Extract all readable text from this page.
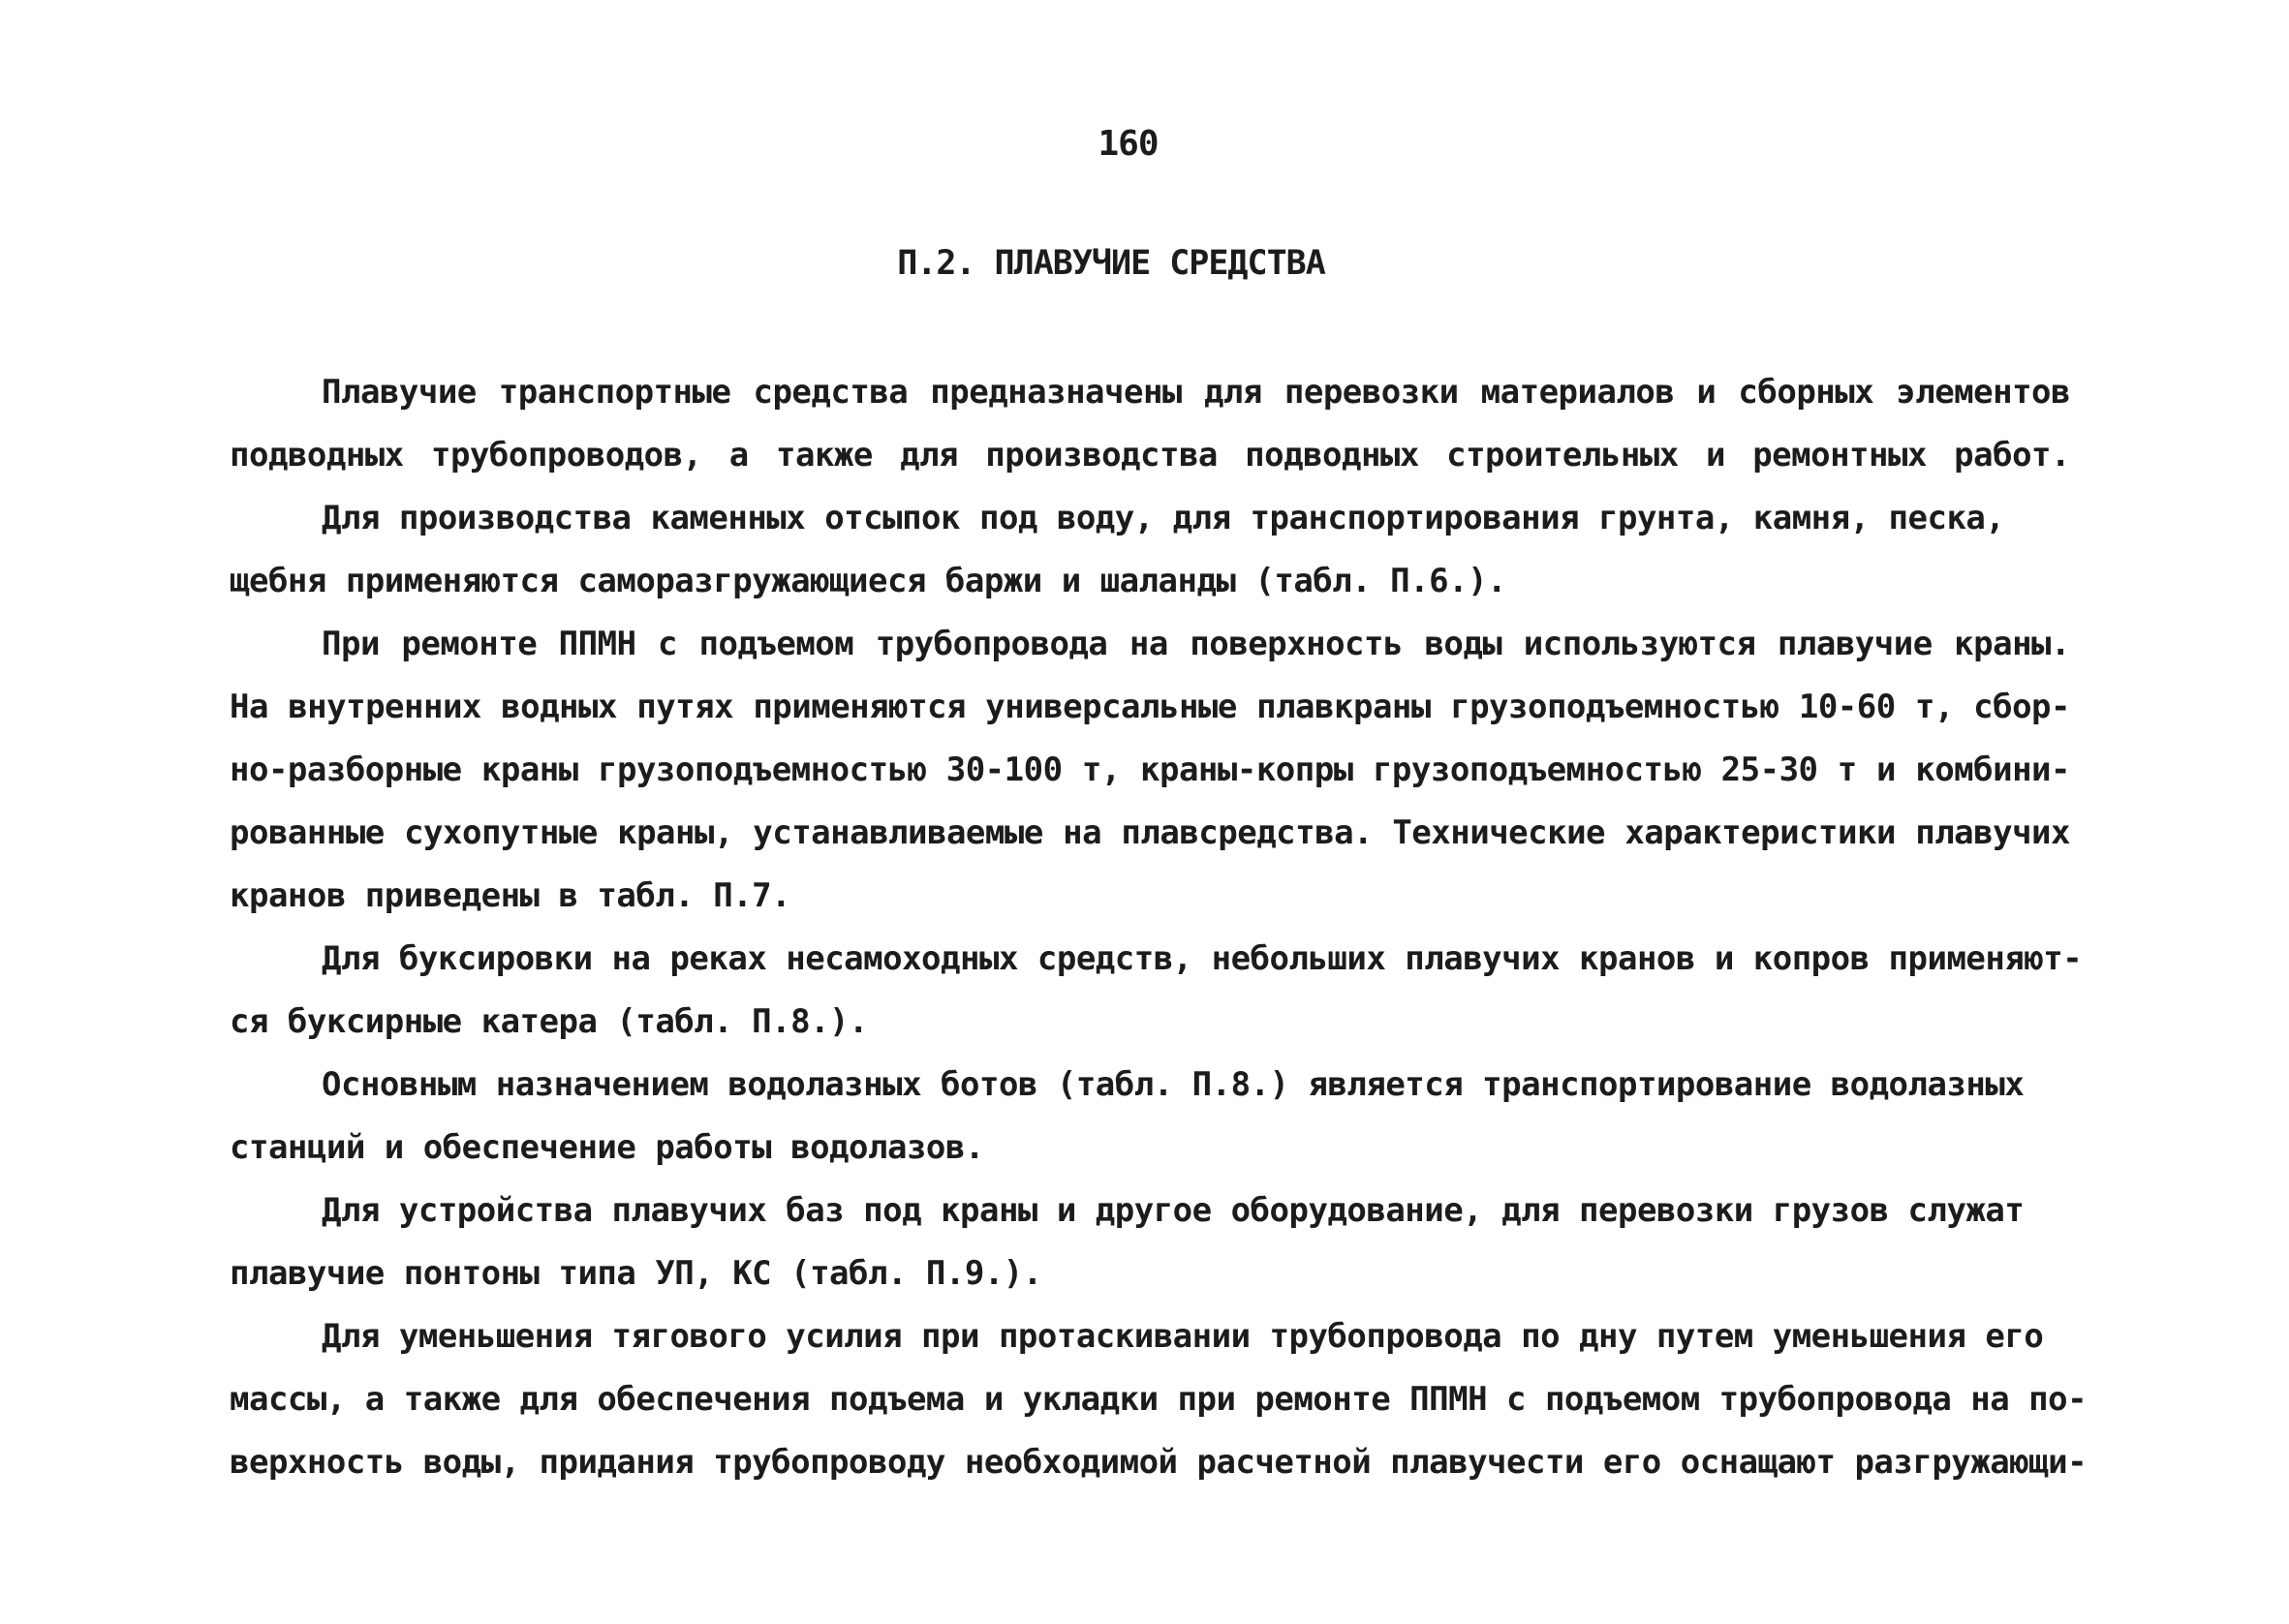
160
П.2. ПЛАВУЧИЕ СРЕДСТВА
Плавучие транспортные средства предназначены для перевозки материалов и сборных элементов
подводных трубопроводов, а также для производства подводных строительных и ремонтных работ.
Для производства каменных отсыпок под воду, для транспортирования грунта, камня, песка,
щебня применяются саморазгружающиеся баржи и шаланды (табл. П.6.).
При ремонте ППМН с подъемом трубопровода на поверхность воды используются плавучие краны.
На внутренних водных путях применяются универсальные плавкраны грузоподъемностью 10-60 т, сбор-
но-разборные краны грузоподъемностью 30-100 т, краны-копры грузоподъемностью 25-30 т и комбини-
рованные сухопутные краны, устанавливаемые на плавсредства. Технические характеристики плавучих
кранов приведены в табл. П.7.
Для буксировки на реках несамоходных средств, небольших плавучих кранов и копров применяют-
ся буксирные катера (табл. П.8.).
Основным назначением водолазных ботов (табл. П.8.) является транспортирование водолазных
станций и обеспечение работы водолазов.
Для устройства плавучих баз под краны и другое оборудование, для перевозки грузов служат
плавучие понтоны типа УП, КС (табл. П.9.).
Для уменьшения тягового усилия при протаскивании трубопровода по дну путем уменьшения его
массы, а также для обеспечения подъема и укладки при ремонте ППМН с подъемом трубопровода на по-
верхность воды, придания трубопроводу необходимой расчетной плавучести его оснащают разгружающи-
